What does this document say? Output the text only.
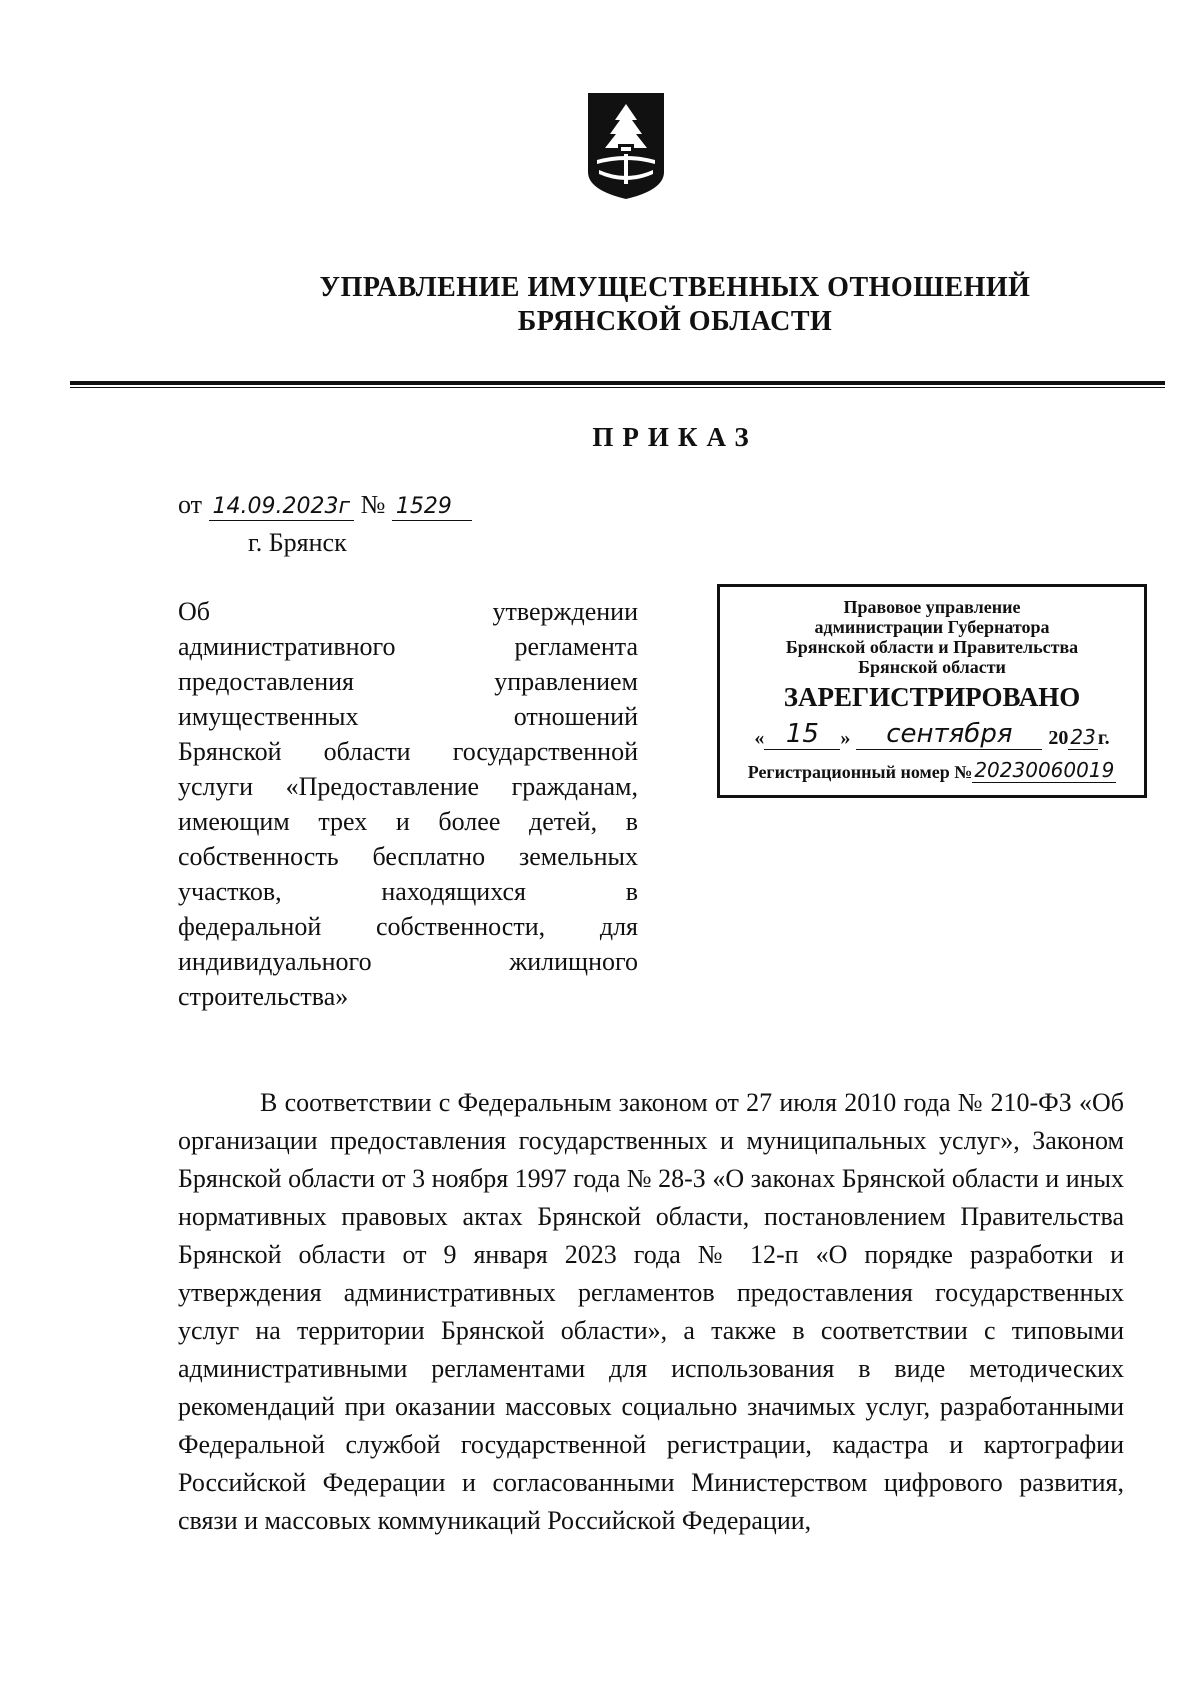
УПРАВЛЕНИЕ ИМУЩЕСТВЕННЫХ ОТНОШЕНИЙ
БРЯНСКОЙ ОБЛАСТИ
ПРИКАЗ
от 14.09.2023г № 1529
г. Брянск
Об утверждении административного регламента предоставления управлением имущественных отношений Брянской области государственной услуги «Предоставление гражданам, имеющим трех и более детей, в собственность бесплатно земельных участков, находящихся в федеральной собственности, для индивидуального жилищного
строительства»
Правовое управление
администрации Губернатора
Брянской области и Правительства
Брянской области
ЗАРЕГИСТРИРОВАНО
« 15	»	сентября	20 23 г.
Регистрационный номер № 20230060019

В соответствии с Федеральным законом от 27 июля 2010 года № 210-ФЗ «Об организации предоставления государственных и муниципальных услуг», Законом Брянской области от 3 ноября 1997 года № 28-З «О законах Брянской области и иных нормативных правовых актах Брянской области, постановлением Правительства Брянской области от 9 января 2023 года № 12-п «О порядке разработки и утверждения административных регламентов предоставления государственных услуг на территории Брянской области», а также в соответствии с типовыми административными регламентами для использования в виде методических рекомендаций при оказании массовых социально значимых услуг, разработанными Федеральной службой государственной регистрации, кадастра и картографии Российской Федерации и согласованными Министерством цифрового развития, связи и массовых коммуникаций Российской Федерации,
